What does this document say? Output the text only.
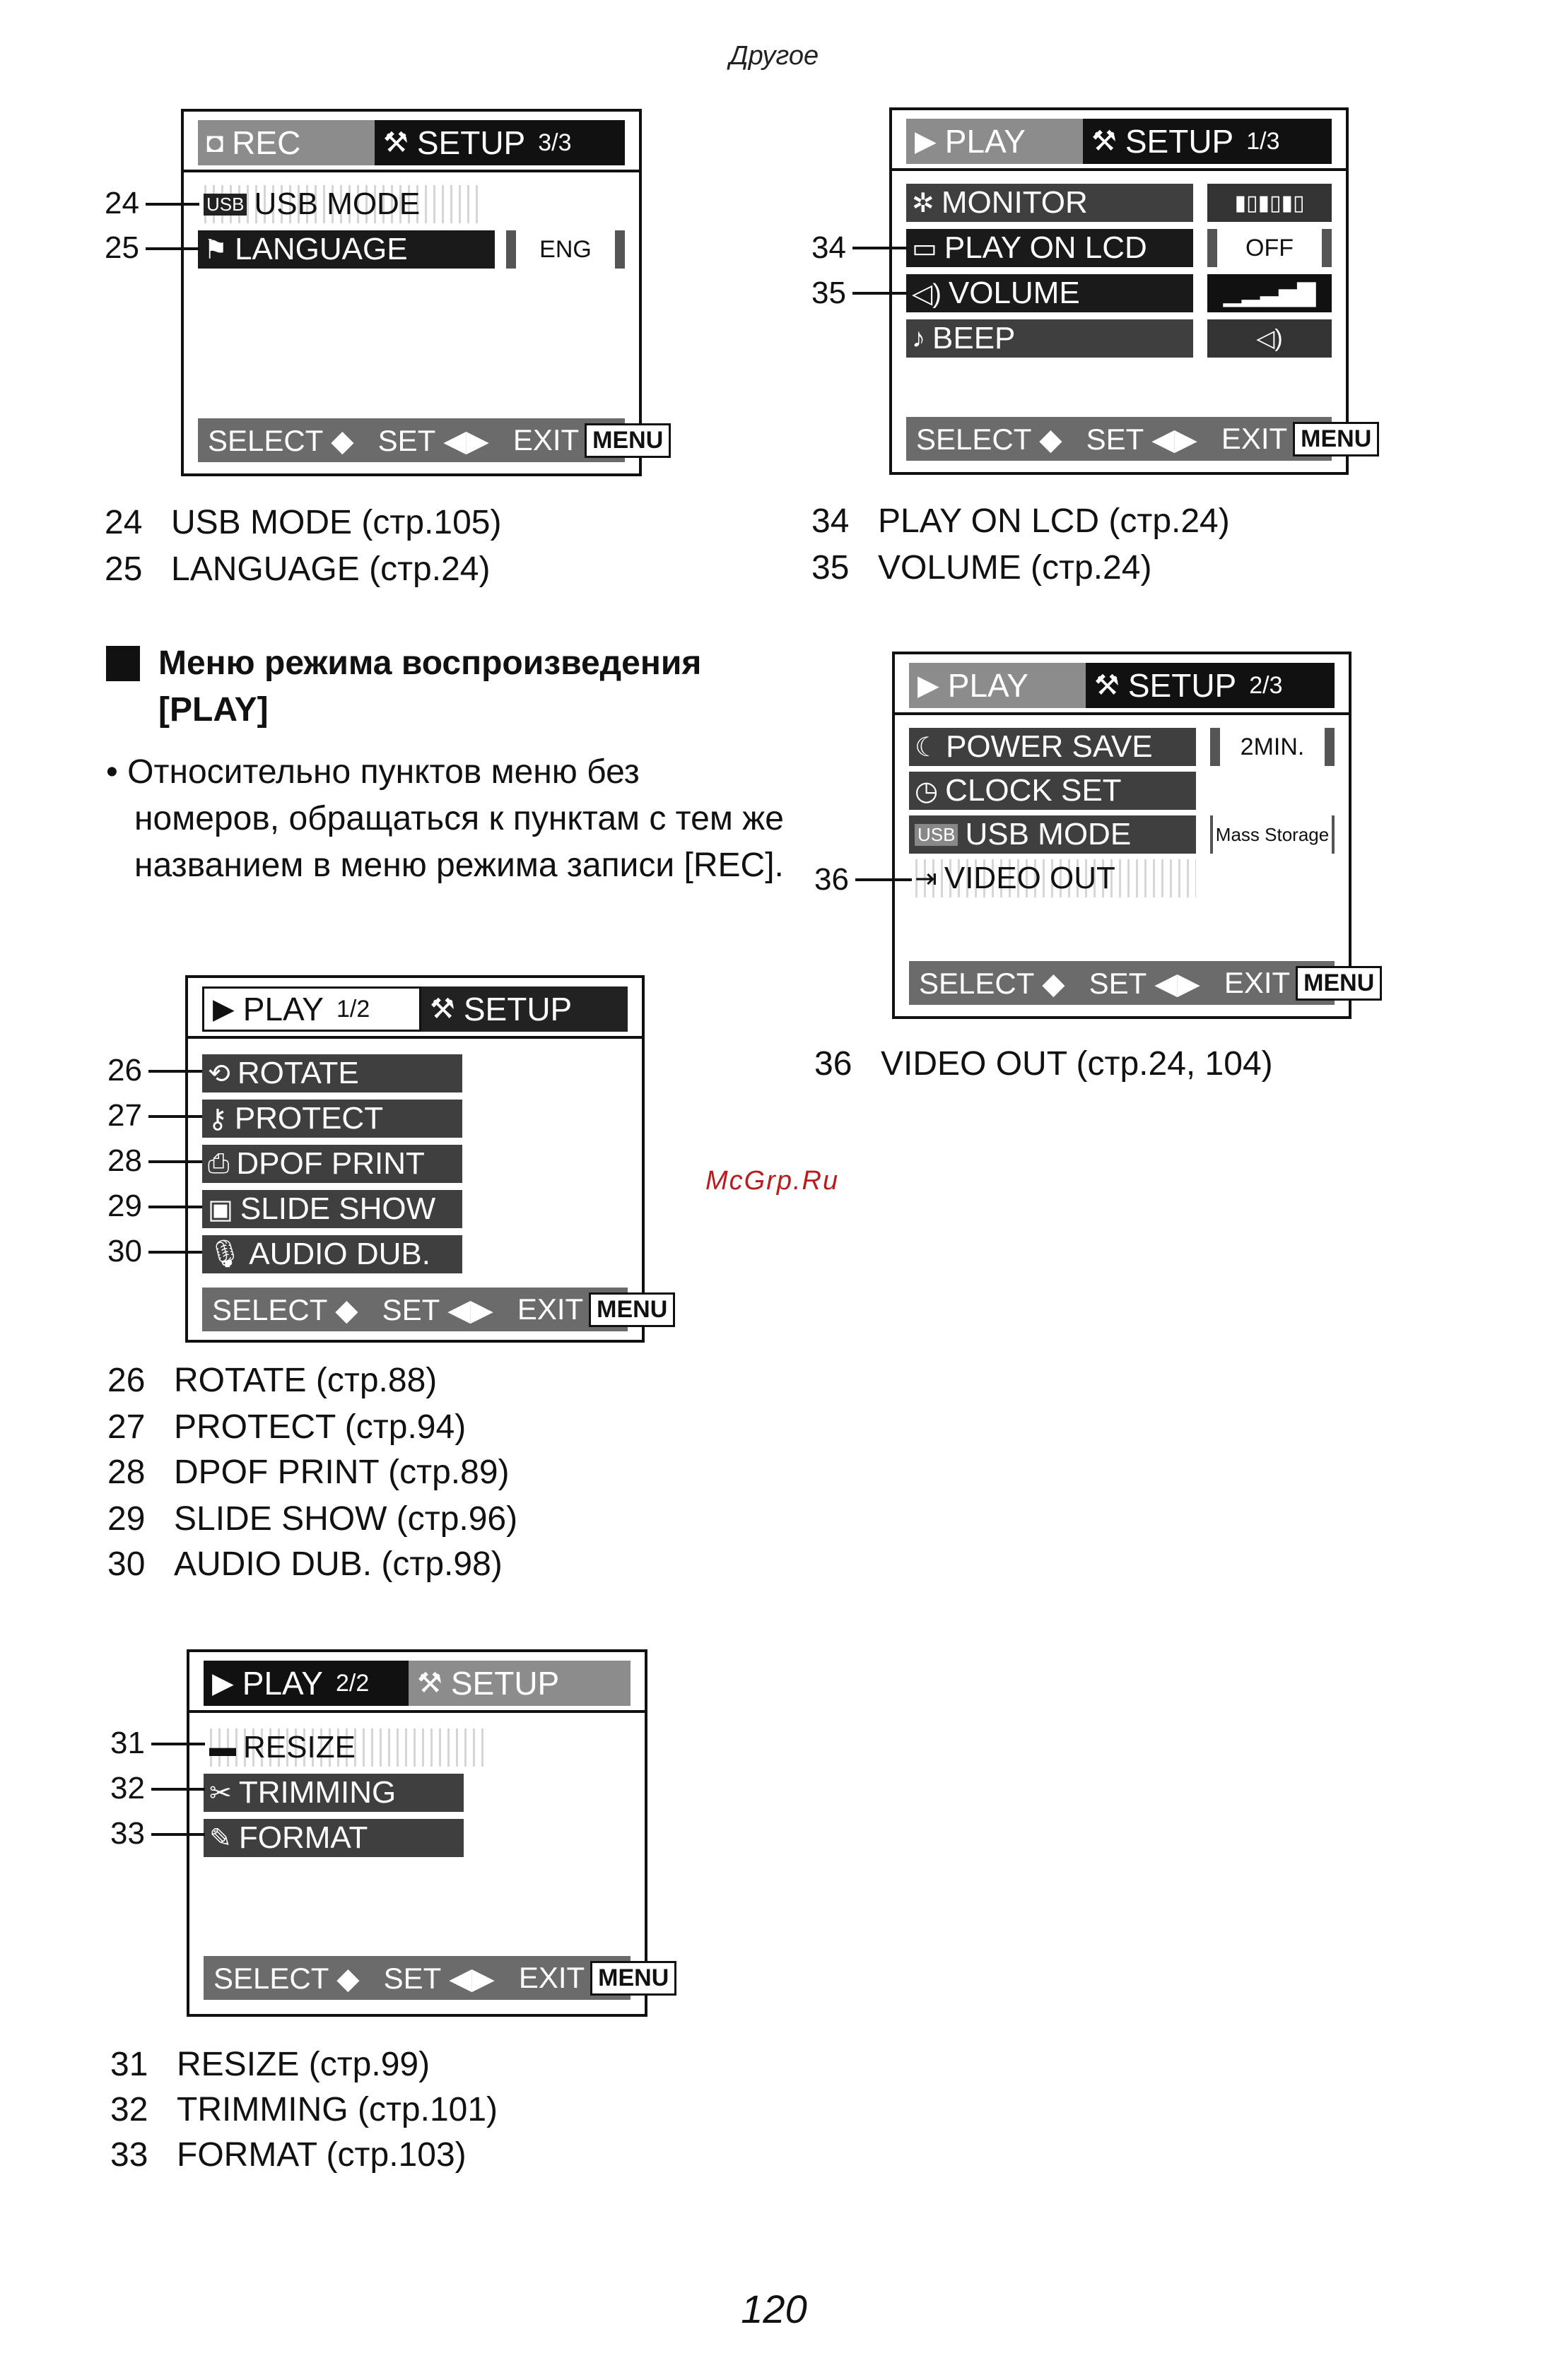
Другое
◘ REC	⚒ SETUP 3/3
USB USB MODE
⚑ LANGUAGE	ENG
SELECT ◆ SET ◀▶ EXIT MENU
24
25
24 USB MODE (стр.105)
25 LANGUAGE (стр.24)
▶ PLAY ⚒ SETUP 1/3
✲ MONITOR	▮▯▮▯▮▯
▭ PLAY ON LCD	OFF
◁) VOLUME	▁▂▃▅▇
♪ BEEP	◁)
SELECT ◆ SET ◀▶ EXIT MENU
34
35
34 PLAY ON LCD (стр.24)
35 VOLUME (стр.24)
Меню режима воспроизведения
[PLAY]
• Относительно пунктов меню без номеров, обращаться к пунктам с тем же названием в меню режима записи [REC].
▶ PLAY ⚒ SETUP 2/3
☾ POWER SAVE	2MIN.
◷ CLOCK SET
USB USB MODE	Mass Storage
⇥ VIDEO OUT
SELECT ◆ SET ◀▶ EXIT MENU
36
36 VIDEO OUT (стр.24, 104)
McGrp.Ru
▶ PLAY 1/2 ⚒ SETUP
⟲ ROTATE
⚷ PROTECT
⎙ DPOF PRINT
▣ SLIDE SHOW
🎙 AUDIO DUB.
SELECT ◆ SET ◀▶ EXIT MENU
26
27
28
29
30
26 ROTATE (стр.88)
27 PROTECT (стр.94)
28 DPOF PRINT (стр.89)
29 SLIDE SHOW (стр.96)
30 AUDIO DUB. (стр.98)
▶ PLAY 2/2 ⚒ SETUP
▬ RESIZE
✂ TRIMMING
✎ FORMAT
SELECT ◆ SET ◀▶ EXIT MENU
31
32
33
31 RESIZE (стр.99)
32 TRIMMING (стр.101)
33 FORMAT (стр.103)
120
